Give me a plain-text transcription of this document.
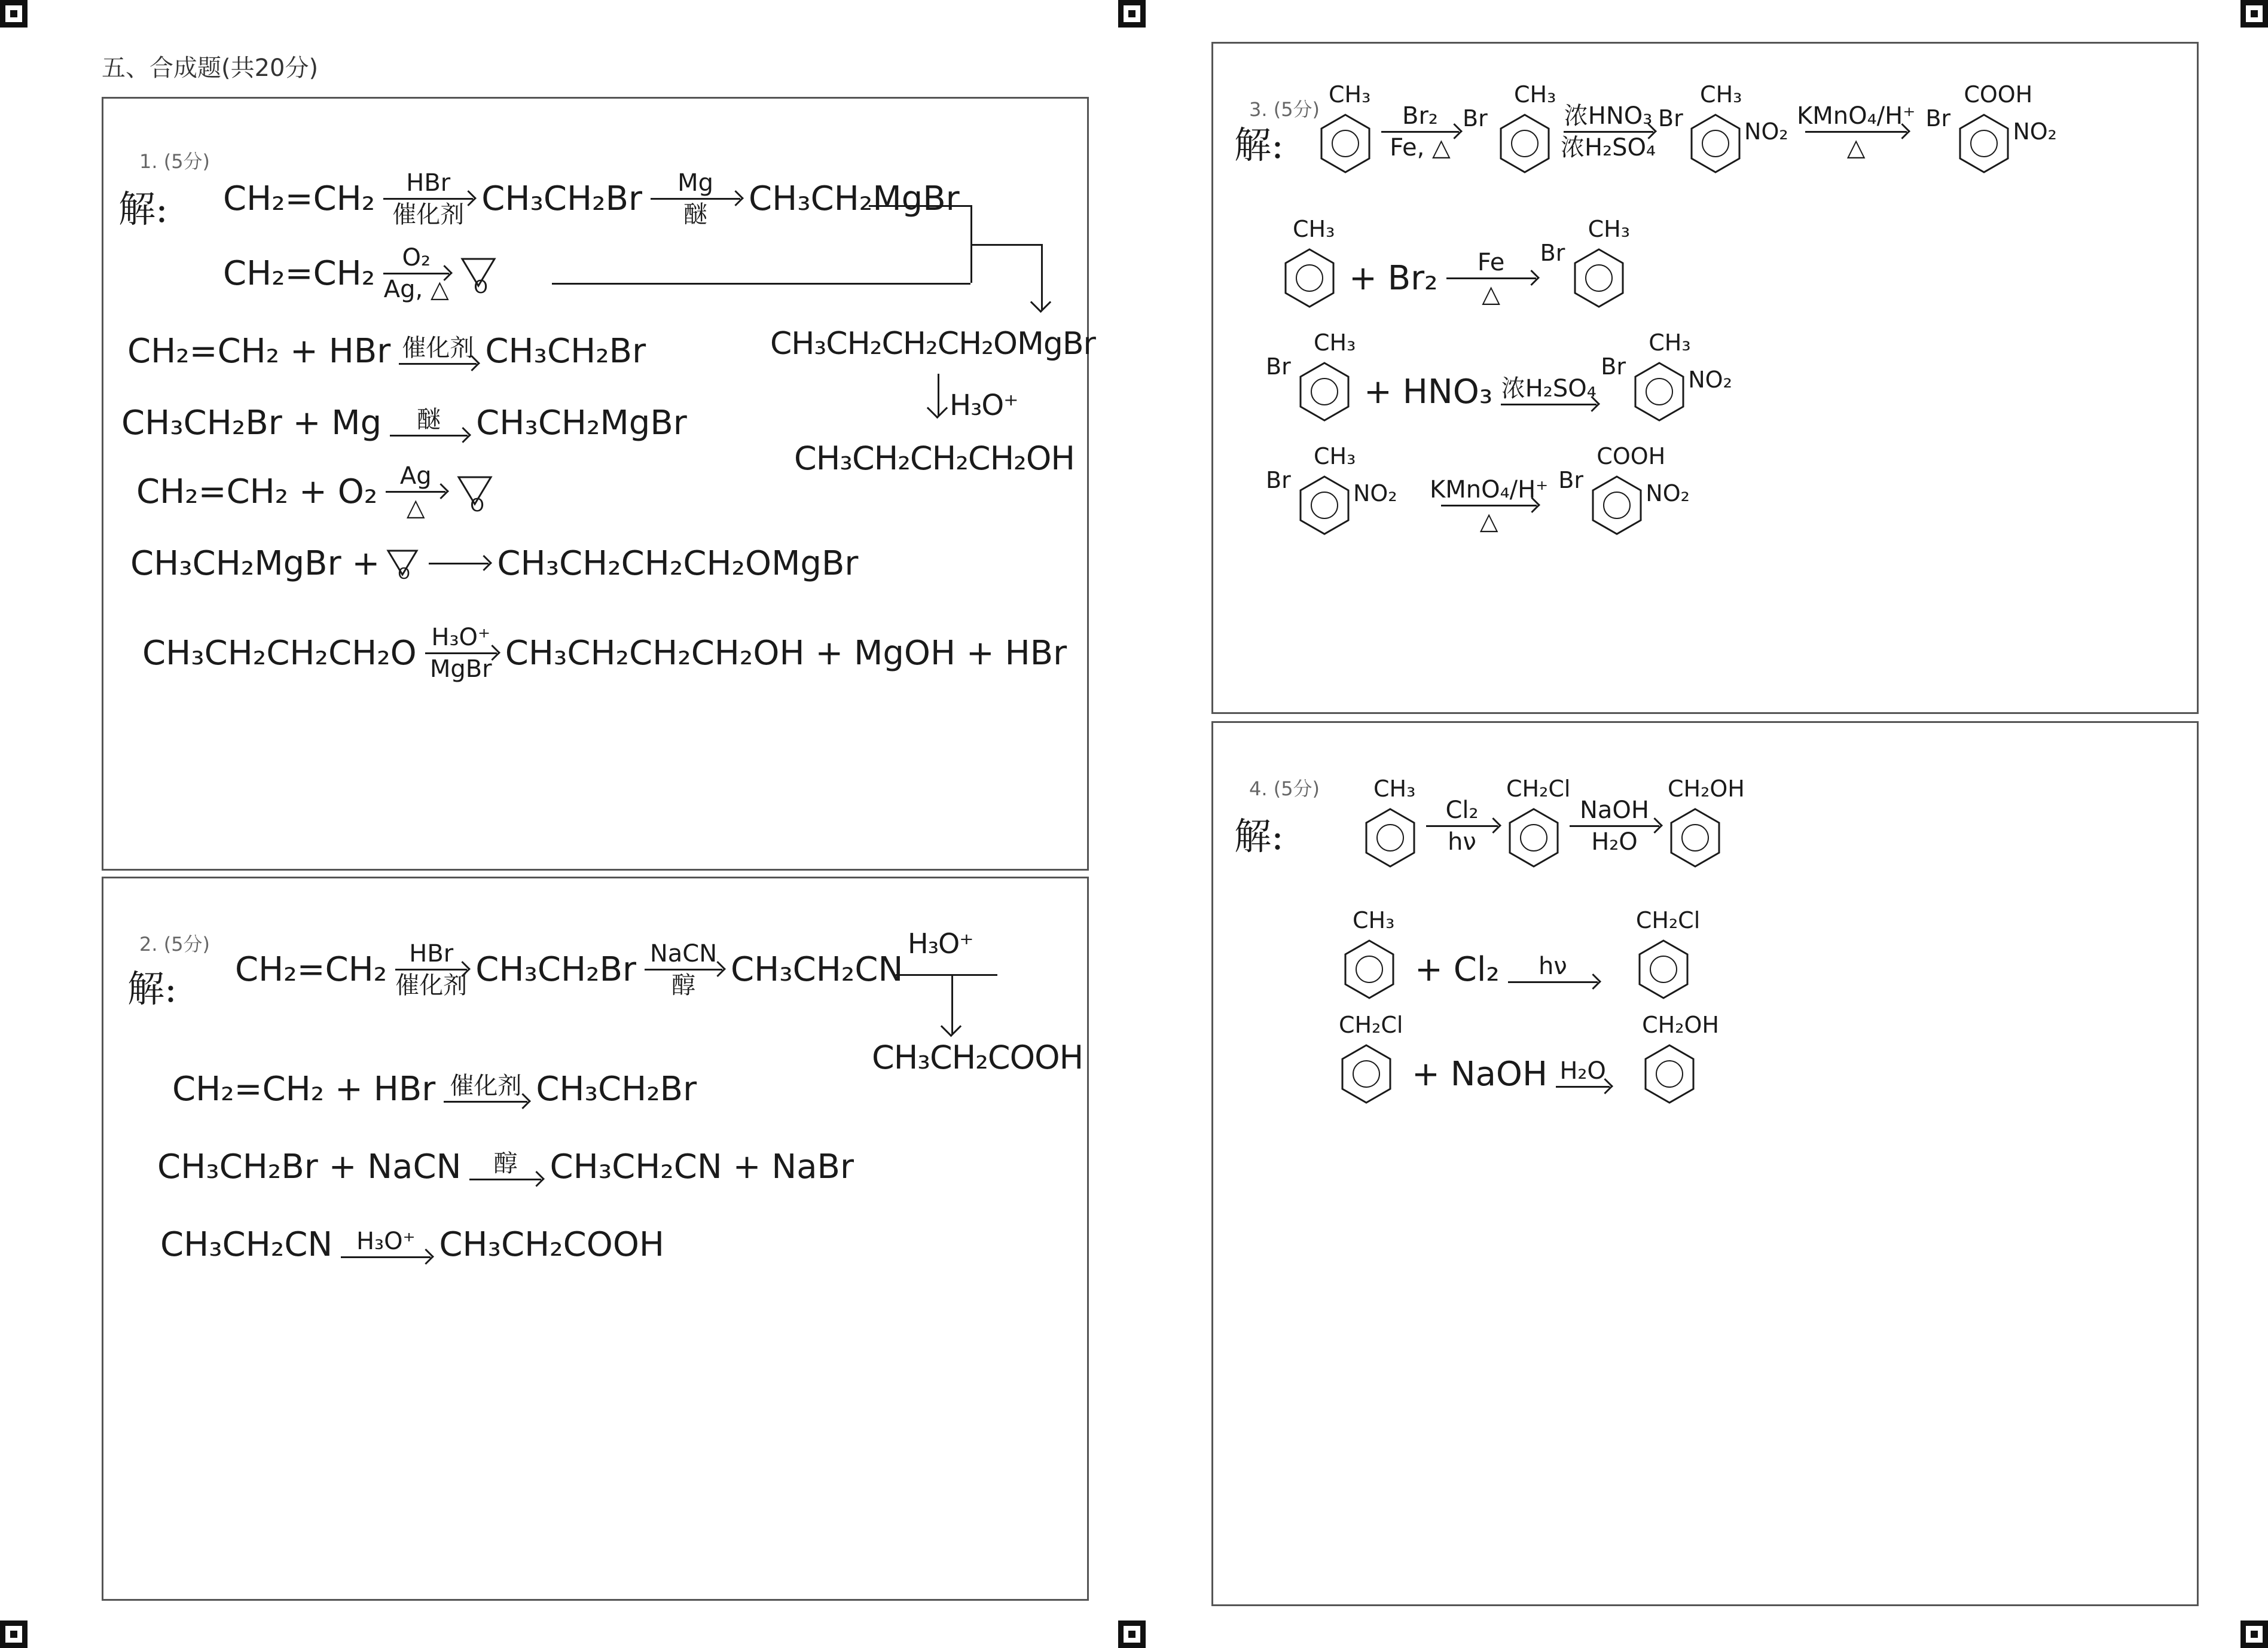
五、合成题(共20分)
1. (5分)
解: CH₂=CH₂ HBr
催化剂 CH₃CH₂Br Mg
醚 CH₃CH₂MgBr
CH₂=CH₂ O₂
Ag, △ O
CH₃CH₂CH₂CH₂OMgBr
H₃O⁺
CH₃CH₂CH₂CH₂OH
CH₂=CH₂ + HBr 催化剂 CH₃CH₂Br
CH₃CH₂Br + Mg 醚 CH₃CH₂MgBr
CH₂=CH₂ + O₂ Ag
△	O
CH₃CH₂MgBr + O	CH₃CH₂CH₂CH₂OMgBr
CH₃CH₂CH₂CH₂O H₃O⁺
MgBr CH₃CH₂CH₂CH₂OH + MgOH + HBr
2. (5分)
解: CH₂=CH₂ HBr
催化剂 CH₃CH₂Br NaCN
醇 CH₃CH₂CN
H₃O⁺
CH₃CH₂COOH
CH₂=CH₂ + HBr 催化剂 CH₃CH₂Br
CH₃CH₂Br + NaCN 醇 CH₃CH₂CN + NaBr
CH₃CH₂CN H₃O⁺ CH₃CH₂COOH
3. (5分)
解:
CH₃
Br₂
Fe, △
CH₃
Br	浓HNO₃
浓H₂SO₄
CH₃
Br	NO₂
KMnO₄/H⁺
△
COOH
Br	NO₂
CH₃
+ Br₂ Fe
△
CH₃
Br
CH₃
Br
+ HNO₃ 浓H₂SO₄
CH₃
Br	NO₂
CH₃
Br	NO₂ KMnO₄/H⁺
△
COOH
Br	NO₂
4. (5分)
解:
CH₃
Cl₂
hν
CH₂Cl
NaOH
H₂O
CH₂OH
CH₃
+ Cl₂ hν
CH₂Cl
CH₂Cl
+ NaOH H₂O
CH₂OH
